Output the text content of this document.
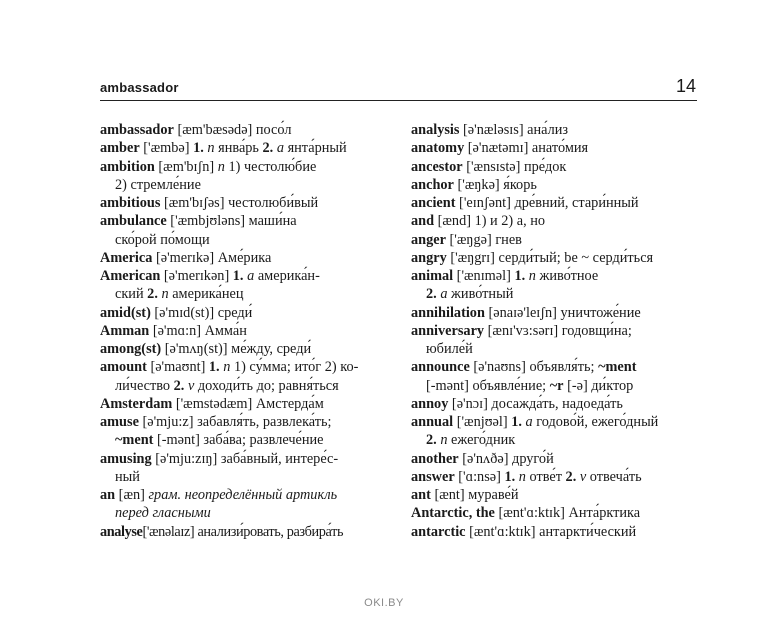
ambassador	14
ambassador [æm'bæsədə] посо́л
amber ['æmbə] 1. n янва́рь 2. a янта́рный
ambition [æm'bɪʃn] n 1) честолю́бие
2) стремле́ние
ambitious [æm'bɪʃəs] честолюби́вый
ambulance ['æmbjʊləns] маши́на
ско́рой по́мощи
America [ə'merɪkə] Аме́рика
American [ə'merɪkən] 1. a америка́н-
ский 2. n америка́нец
amid(st) [ə'mɪd(st)] среди́
Amman [ə'mɑ:n] Амма́н
among(st) [ə'mʌŋ(st)] ме́жду, среди́
amount [ə'maʊnt] 1. n 1) су́мма; ито́г 2) ко-
ли́чество 2. v доходи́ть до; равня́ться
Amsterdam ['æmstədæm] Амстерда́м
amuse [ə'mju:z] забавля́ть, развлека́ть;
~ment [-mənt] заба́ва; развлече́ние
amusing [ə'mju:zɪŋ] заба́вный, интере́с-
ный
an [æn] грам. неопределённый артикль
перед гласными
analyse['ænəlaɪz] анализи́ровать, разбира́ть
analysis [ə'næləsɪs] ана́лиз
anatomy [ə'nætəmɪ] анато́мия
ancestor ['ænsɪstə] пре́док
anchor ['æŋkə] я́корь
ancient ['eɪnʃənt] дре́вний, стари́нный
and [ænd] 1) и 2) а, но
anger ['æŋgə] гнев
angry ['æŋgrɪ] серди́тый; be ~ серди́ться
animal ['ænɪməl] 1. n живо́тное
2. a живо́тный
annihilation [ənaɪə'leɪʃn] уничтоже́ние
anniversary [ænɪ'vɜ:sərɪ] годовщи́на;
юбиле́й
announce [ə'naʊns] объявля́ть; ~ment
[-mənt] объявле́ние; ~r [-ə] ди́ктор
annoy [ə'nɔɪ] досажда́ть, надоеда́ть
annual ['ænjʊəl] 1. a годово́й, ежего́дный
2. n ежего́дник
another [ə'nʌðə] друго́й
answer ['ɑ:nsə] 1. n отве́т 2. v отвеча́ть
ant [ænt] мураве́й
Antarctic, the [ænt'ɑ:ktɪk] Анта́рктика
antarctic [ænt'ɑ:ktɪk] антаркти́ческий
OKI.BY
